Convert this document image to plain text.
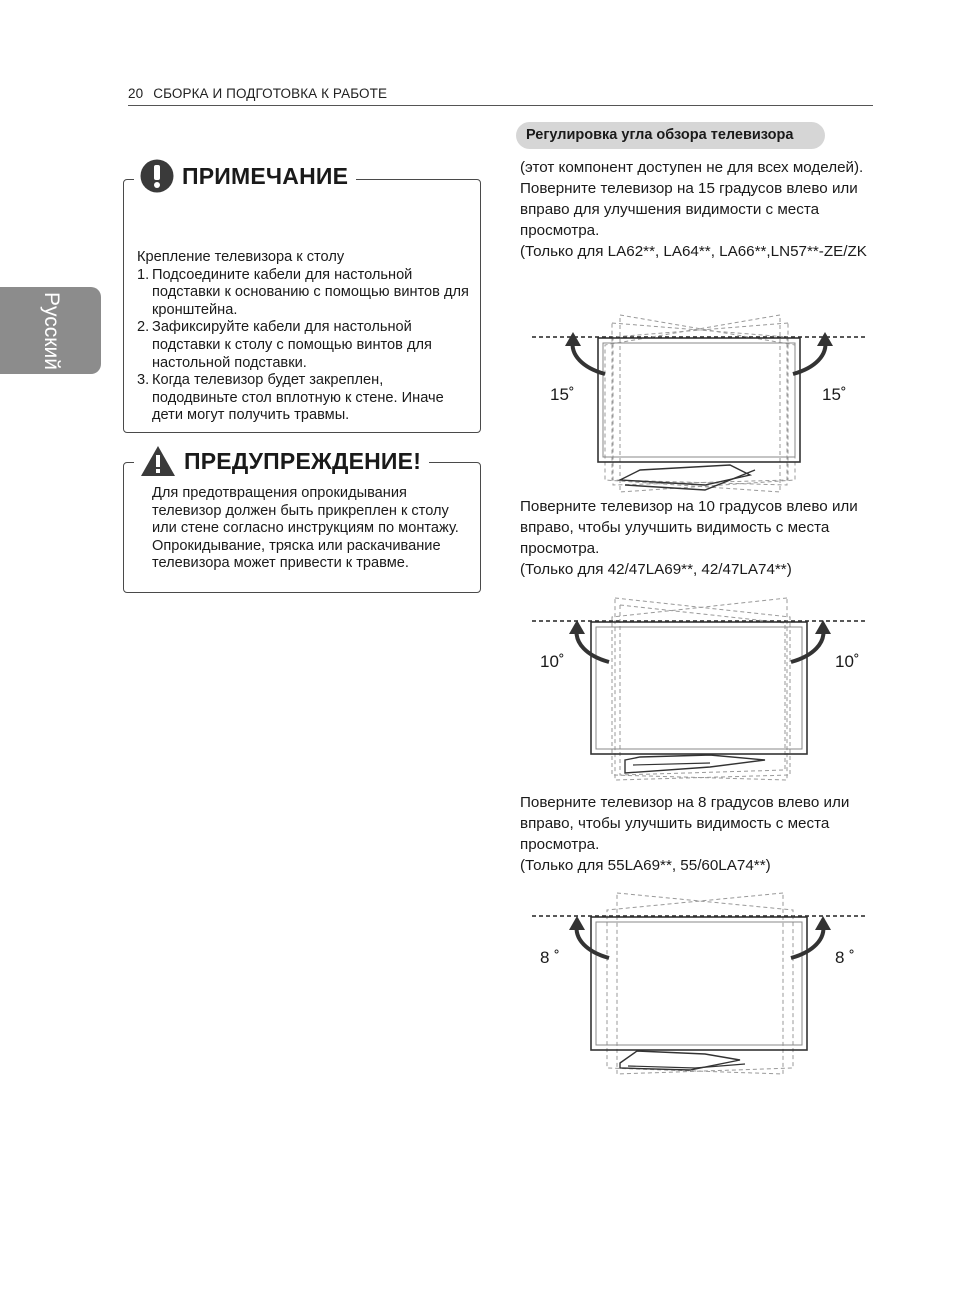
20 СБОРКА И ПОДГОТОВКА К РАБОТЕ
Русский
ПРИМЕЧАНИЕ
Крепление телевизора к столу
1. Подсоедините кабели для настольной подставки к основанию с помощью винтов для кронштейна.
2. Зафиксируйте кабели для настольной подставки к столу с помощью винтов для настольной подставки.
3. Когда телевизор будет закреплен, пододвиньте стол вплотную к стене. Иначе дети могут получить травмы.
ПРЕДУПРЕЖДЕНИЕ!
Для предотвращения опрокидывания телевизор должен быть прикреплен к столу или стене согласно инструкциям по монтажу. Опрокидывание, тряска или раскачивание телевизора может привести к травме.
Регулировка угла обзора телевизора
(этот компонент доступен не для всех моделей).
Поверните телевизор на 15 градусов влево или вправо для улучшения видимости с места просмотра.
(Только для LA62**, LA64**, LA66**,LN57**-ZE/ZK
15˚	15˚
Поверните телевизор на 10 градусов влево или вправо, чтобы улучшить видимость с места просмотра.
(Только для 42/47LA69**, 42/47LA74**)
10˚	10˚
Поверните телевизор на 8 градусов влево или вправо, чтобы улучшить видимость с места просмотра.
(Только для 55LA69**, 55/60LA74**)
8 ˚	8 ˚
